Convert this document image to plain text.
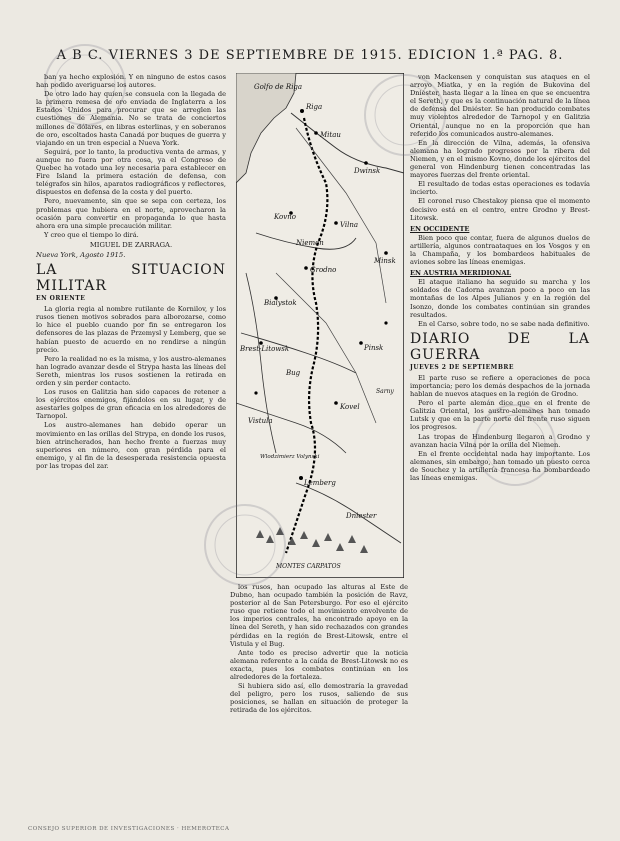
A B C. VIERNES 3 DE SEPTIEMBRE DE 1915. EDICION 1.ª PAG. 8.

ban ya hecho explosión. Y en ninguno de estos casos han podido averiguarse los autores.

De otro lado hay quien se consuela con la llegada de la primera remesa de oro enviada de Inglaterra a los Estados Unidos para procurar que se arreglen las cuestiones de Alemania. No se trata de conciertos millones de dólares, en libras esterlinas, y en soberanos de oro, escoltados hasta Canadá por buques de guerra y viajando en un tren especial a Nueva York.

Seguirá, por lo tanto, la productiva venta de armas, y aunque no fuera por otra cosa, ya el Congreso de Quebec ha votado una ley necesaria para establecer en Fire Island la primera estación de defensa, con telégrafos sin hilos, aparatos radiográficos y reflectores, dispuestos en defensa de la costa y del puerto.

Pero, nuevamente, sin que se sepa con certeza, los problemas que hubiera en el norte, aprovecharon la ocasión para convertir en propaganda lo que hasta ahora era una simple precaución militar.

Y creo que el tiempo lo dirá.

MIGUEL DE ZARRAGA.
Nueva York, Agosto 1915.
LA SITUACION MILITAR
EN ORIENTE

La gloria regia al nombre rutilante de Kornilov, y los rusos tienen motivos sobrados para alborozarse, como lo hice el pueblo cuando por fin se entregaron los defensores de las plazas de Przemysl y Lemberg, que se habían puesto de acuerdo en no rendirse a ningún precio.

Pero la realidad no es la misma, y los austro-alemanes han logrado avanzar desde el Strypa hasta las líneas del Sereth, mientras los rusos sostienen la retirada en orden y sin perder contacto.

Los rusos en Galitzia han sido capaces de retener a los ejércitos enemigos, fijándolos en su lugar, y de asestarles golpes de gran eficacia en los alrededores de Tarnopol.

Los austro-alemanes han debido operar un movimiento en las orillas del Strypa, en donde los rusos, bien atrincherados, han hecho frente a fuerzas muy superiores en número, con gran pérdida para el enemigo, y al fin de la desesperada resistencia opuesta por las tropas del zar.

Golfo de Riga
Riga
Mitau
Dwinsk
Kovno
Vilna
Minsk
Grodno
Bialystok
Brest-Litowsk	Pinsk
Kovel
Lemberg
Dniester
MONTES CARPATOS
Vistula
Bug
Niemen
Wlodzimierz Volynski
Sarny

los rusos, han ocupado las alturas al Este de Dubno, han ocupado también la posición de Ravz, posterior al de San Petersburgo. Por eso el ejército ruso que retiene todo el movimiento envolvente de los imperios centrales, ha encontrado apoyo en la línea del Sereth, y han sido rechazados con grandes pérdidas en la región de Brest-Litowsk, entre el Vistula y el Bug.

Ante todo es preciso advertir que la noticia alemana referente a la caída de Brest-Litowsk no es exacta, pues los combates continúan en los alrededores de la fortaleza.

Si hubiera sido así, ello demostraría la gravedad del peligro, pero los rusos, saliendo de sus posiciones, se hallan en situación de proteger la retirada de los ejércitos.

von Mackensen y conquistan sus ataques en el arroyo Miatka, y en la región de Bukovina del Dniéster, hasta llegar a la línea en que se encuentra el Sereth, y que es la continuación natural de la línea de defensa del Dniéster. Se han producido combates muy violentos alrededor de Tarnopol y en Galitzia Oriental, aunque no en la proporción que han referido los comunicados austro-alemanes.

En la dirección de Vilna, además, la ofensiva alemana ha logrado progresos por la ribera del Niemen, y en el mismo Kovno, donde los ejércitos del general von Hindenburg tienen concentradas las mayores fuerzas del frente oriental.

El resultado de todas estas operaciones es todavía incierto.

El coronel ruso Chestakoy piensa que el momento decisivo está en el centro, entre Grodno y Brest-Litowsk.

EN OCCIDENTE

Bien poco que contar, fuera de algunos duelos de artillería, algunos contraataques en los Vosgos y en la Champaña, y los bombardeos habituales de aviones sobre las líneas enemigas.

EN AUSTRIA MERIDIONAL

El ataque italiano ha seguido su marcha y los soldados de Cadorna avanzan poco a poco en las montañas de los Alpes Julianos y en la región del Isonzo, donde los combates continúan sin grandes resultados.

En el Carso, sobre todo, no se sabe nada definitivo.

DIARIO DE LA GUERRA
JUEVES 2 DE SEPTIEMBRE

El parte ruso se refiere a operaciones de poca importancia; pero los demás despachos de la jornada hablan de nuevos ataques en la región de Grodno.

Pero el parte alemán dice que en el frente de Galitzia Oriental, los austro-alemanes han tomado Lutsk y que en la parte norte del frente ruso siguen los progresos.

Las tropas de Hindenburg llegaron a Grodno y avanzan hacia Vilna por la orilla del Niemen.

En el frente occidental nada hay importante. Los alemanes, sin embargo, han tomado un puesto cerca de Souchez y la artillería francesa ha bombardeado las líneas enemigas.

CONSEJO SUPERIOR DE INVESTIGACIONES · HEMEROTECA
